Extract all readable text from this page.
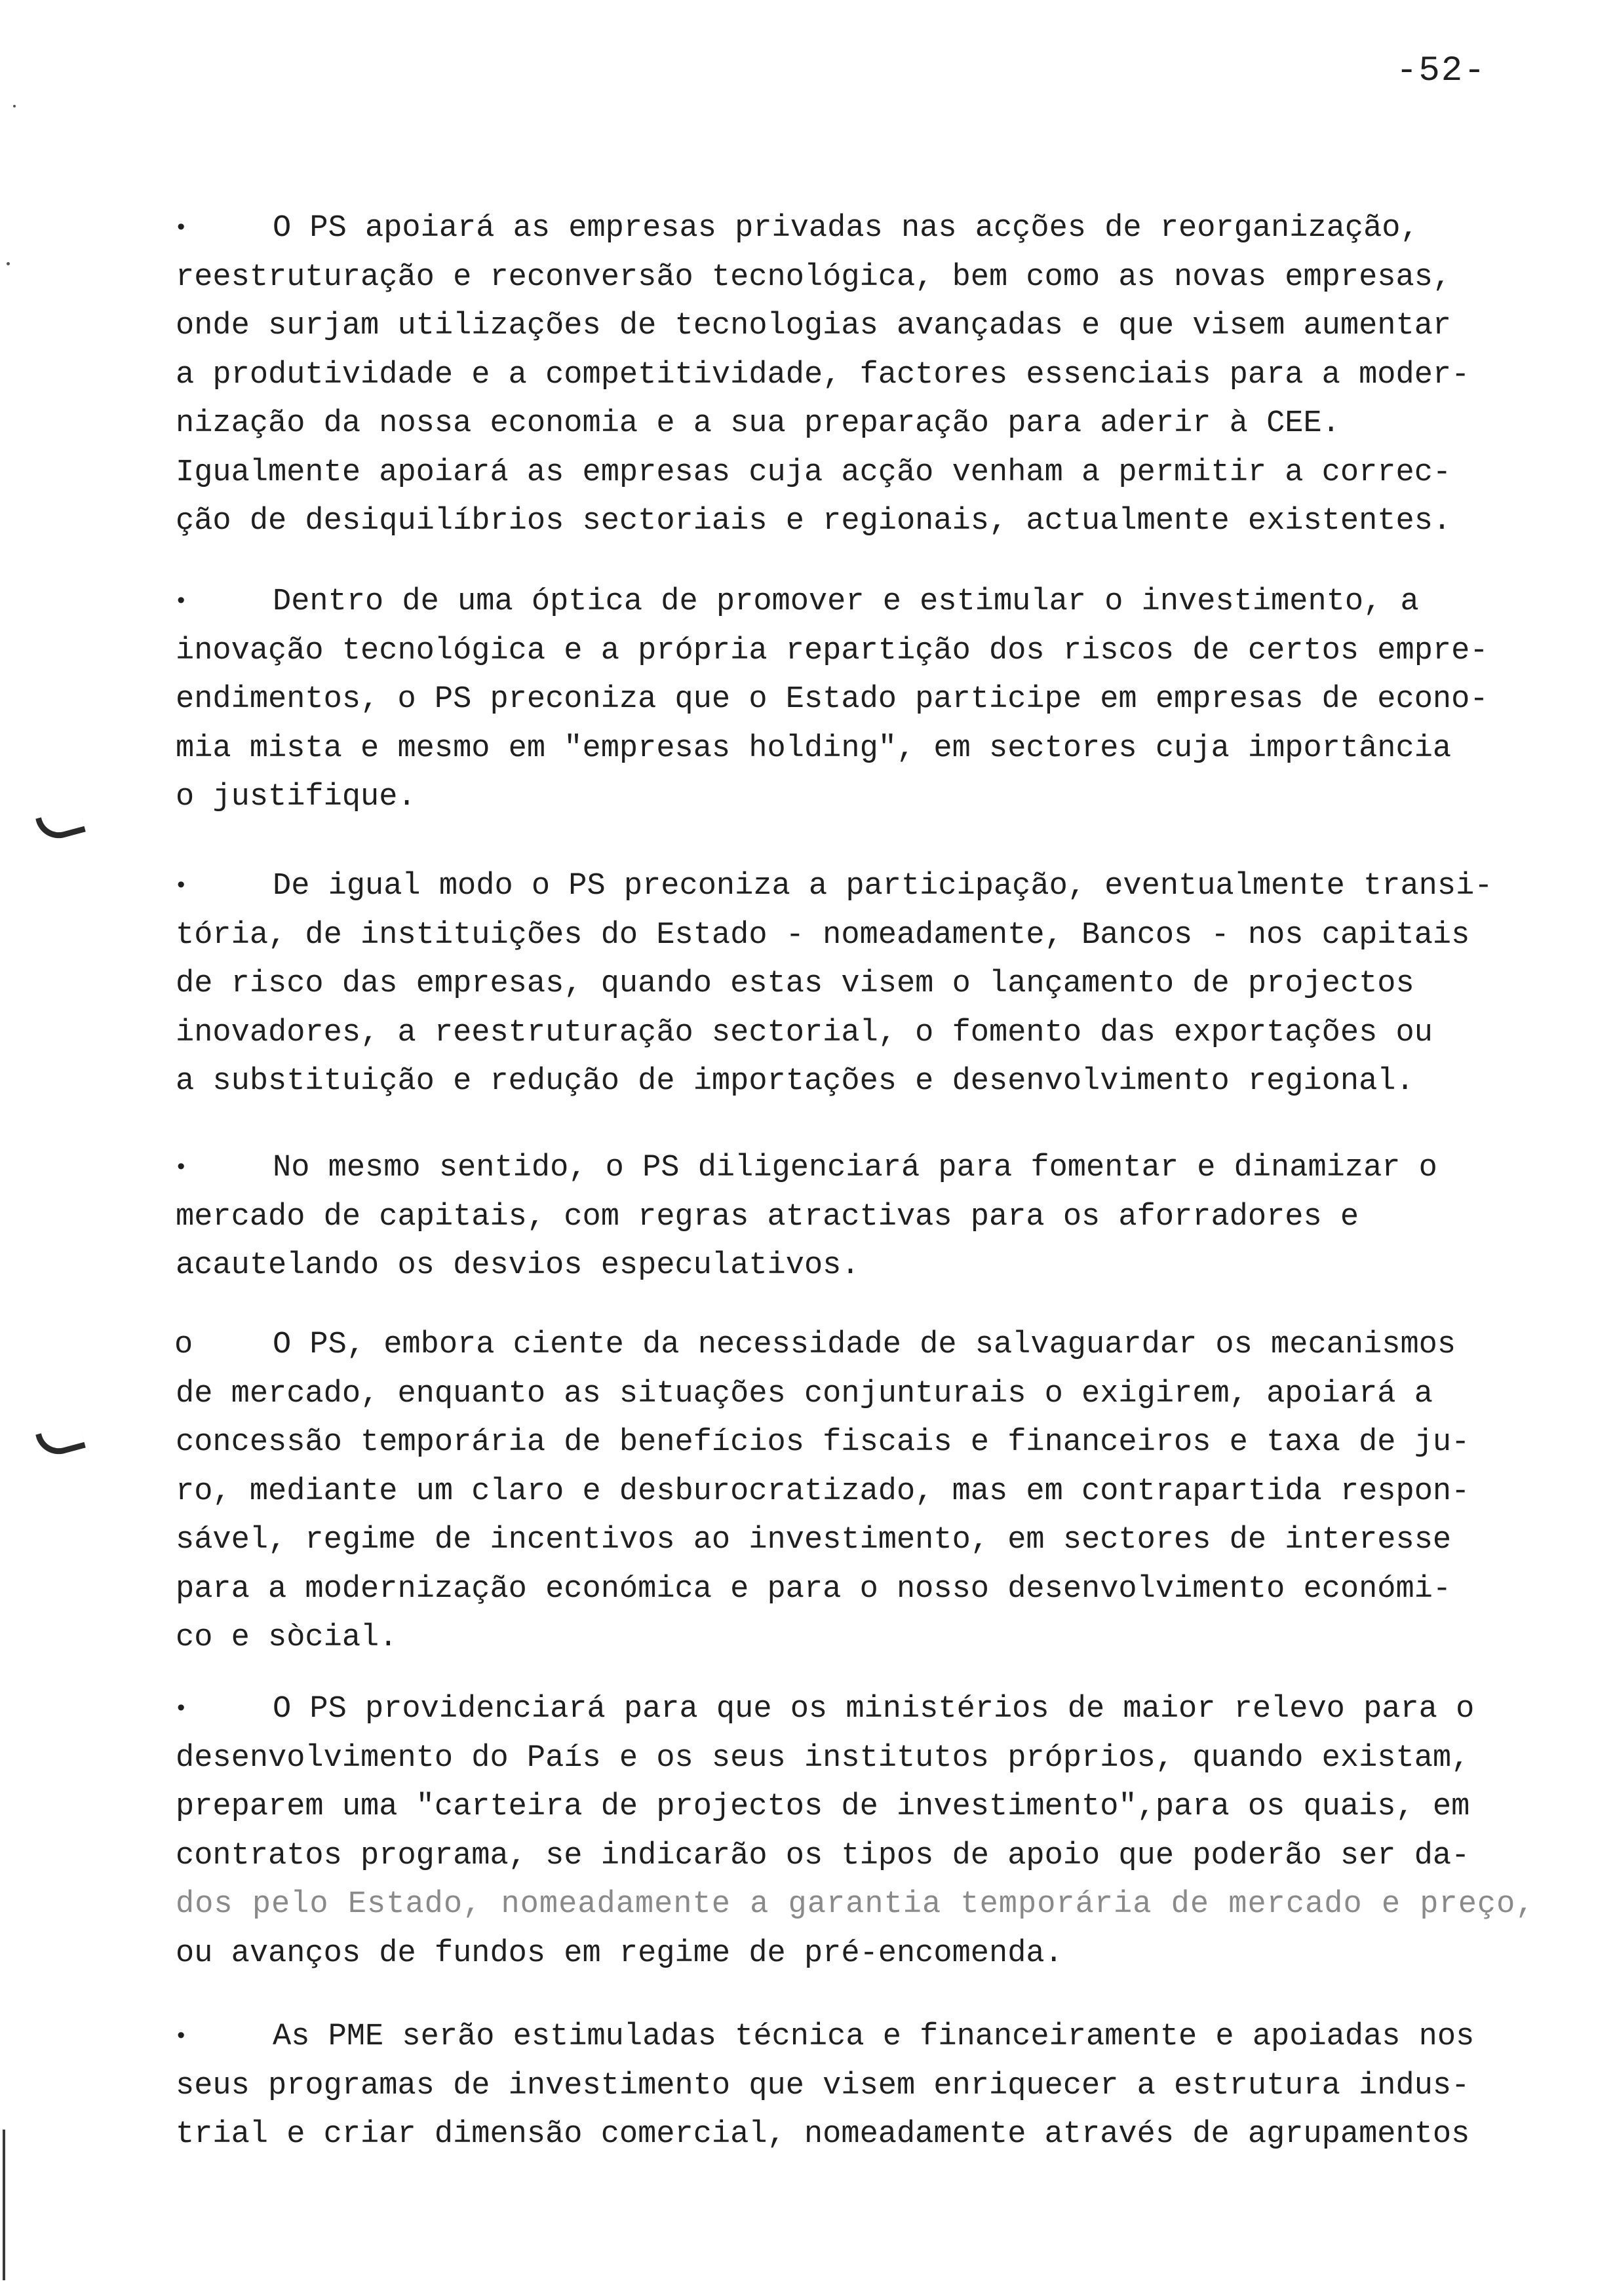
-52-
•	O PS apoiará as empresas privadas nas acções de reorganização,
reestruturação e reconversão tecnológica, bem como as novas empresas,
onde surjam utilizações de tecnologias avançadas e que visem aumentar
a produtividade e a competitividade, factores essenciais para a moder-
nização da nossa economia e a sua preparação para aderir à CEE.
Igualmente apoiará as empresas cuja acção venham a permitir a correc-
ção de desiquilíbrios sectoriais e regionais, actualmente existentes.
•	Dentro de uma óptica de promover e estimular o investimento, a
inovação tecnológica e a própria repartição dos riscos de certos empre-
endimentos, o PS preconiza que o Estado participe em empresas de econo-
mia mista e mesmo em "empresas holding", em sectores cuja importância
o justifique.
•	De igual modo o PS preconiza a participação, eventualmente transi-
tória, de instituições do Estado - nomeadamente, Bancos - nos capitais
de risco das empresas, quando estas visem o lançamento de projectos
inovadores, a reestruturação sectorial, o fomento das exportações ou
a substituição e redução de importações e desenvolvimento regional.
•	No mesmo sentido, o PS diligenciará para fomentar e dinamizar o
mercado de capitais, com regras atractivas para os aforradores e
acautelando os desvios especulativos.
o	O PS, embora ciente da necessidade de salvaguardar os mecanismos
de mercado, enquanto as situações conjunturais o exigirem, apoiará a
concessão temporária de benefícios fiscais e financeiros e taxa de ju-
ro, mediante um claro e desburocratizado, mas em contrapartida respon-
sável, regime de incentivos ao investimento, em sectores de interesse
para a modernização económica e para o nosso desenvolvimento económi-
co e sòcial.
•	O PS providenciará para que os ministérios de maior relevo para o
desenvolvimento do País e os seus institutos próprios, quando existam,
preparem uma "carteira de projectos de investimento",para os quais, em
contratos programa, se indicarão os tipos de apoio que poderão ser da-
dos pelo Estado, nomeadamente a garantia temporária de mercado e preço,
ou avanços de fundos em regime de pré-encomenda.
•	As PME serão estimuladas técnica e financeiramente e apoiadas nos
seus programas de investimento que visem enriquecer a estrutura indus-
trial e criar dimensão comercial, nomeadamente através de agrupamentos
